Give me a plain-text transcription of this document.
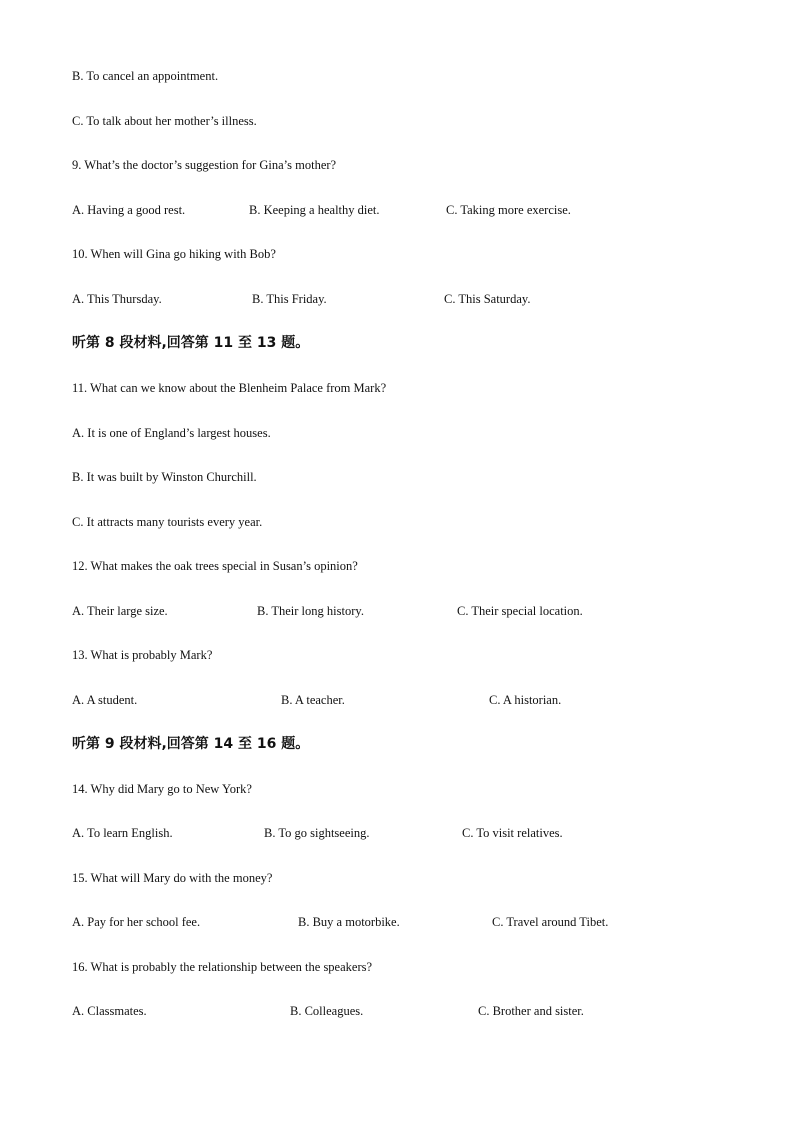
B. To cancel an appointment.
C. To talk about her mother’s illness.
9. What’s the doctor’s suggestion for Gina’s mother?
A. Having a good rest.	B. Keeping a healthy diet.	C. Taking more exercise.
10. When will Gina go hiking with Bob?
A. This Thursday.	B. This Friday.	C. This Saturday.
听第 8 段材料,回答第 11 至 13 题。
11. What can we know about the Blenheim Palace from Mark?
A. It is one of England’s largest houses.
B. It was built by Winston Churchill.
C. It attracts many tourists every year.
12. What makes the oak trees special in Susan’s opinion?
A. Their large size.	B. Their long history.	C. Their special location.
13. What is probably Mark?
A. A student.	B. A teacher.	C. A historian.
听第 9 段材料,回答第 14 至 16 题。
14. Why did Mary go to New York?
A. To learn English.	B. To go sightseeing.	C. To visit relatives.
15. What will Mary do with the money?
A. Pay for her school fee.	B. Buy a motorbike.	C. Travel around Tibet.
16. What is probably the relationship between the speakers?
A. Classmates.	B. Colleagues.	C. Brother and sister.
